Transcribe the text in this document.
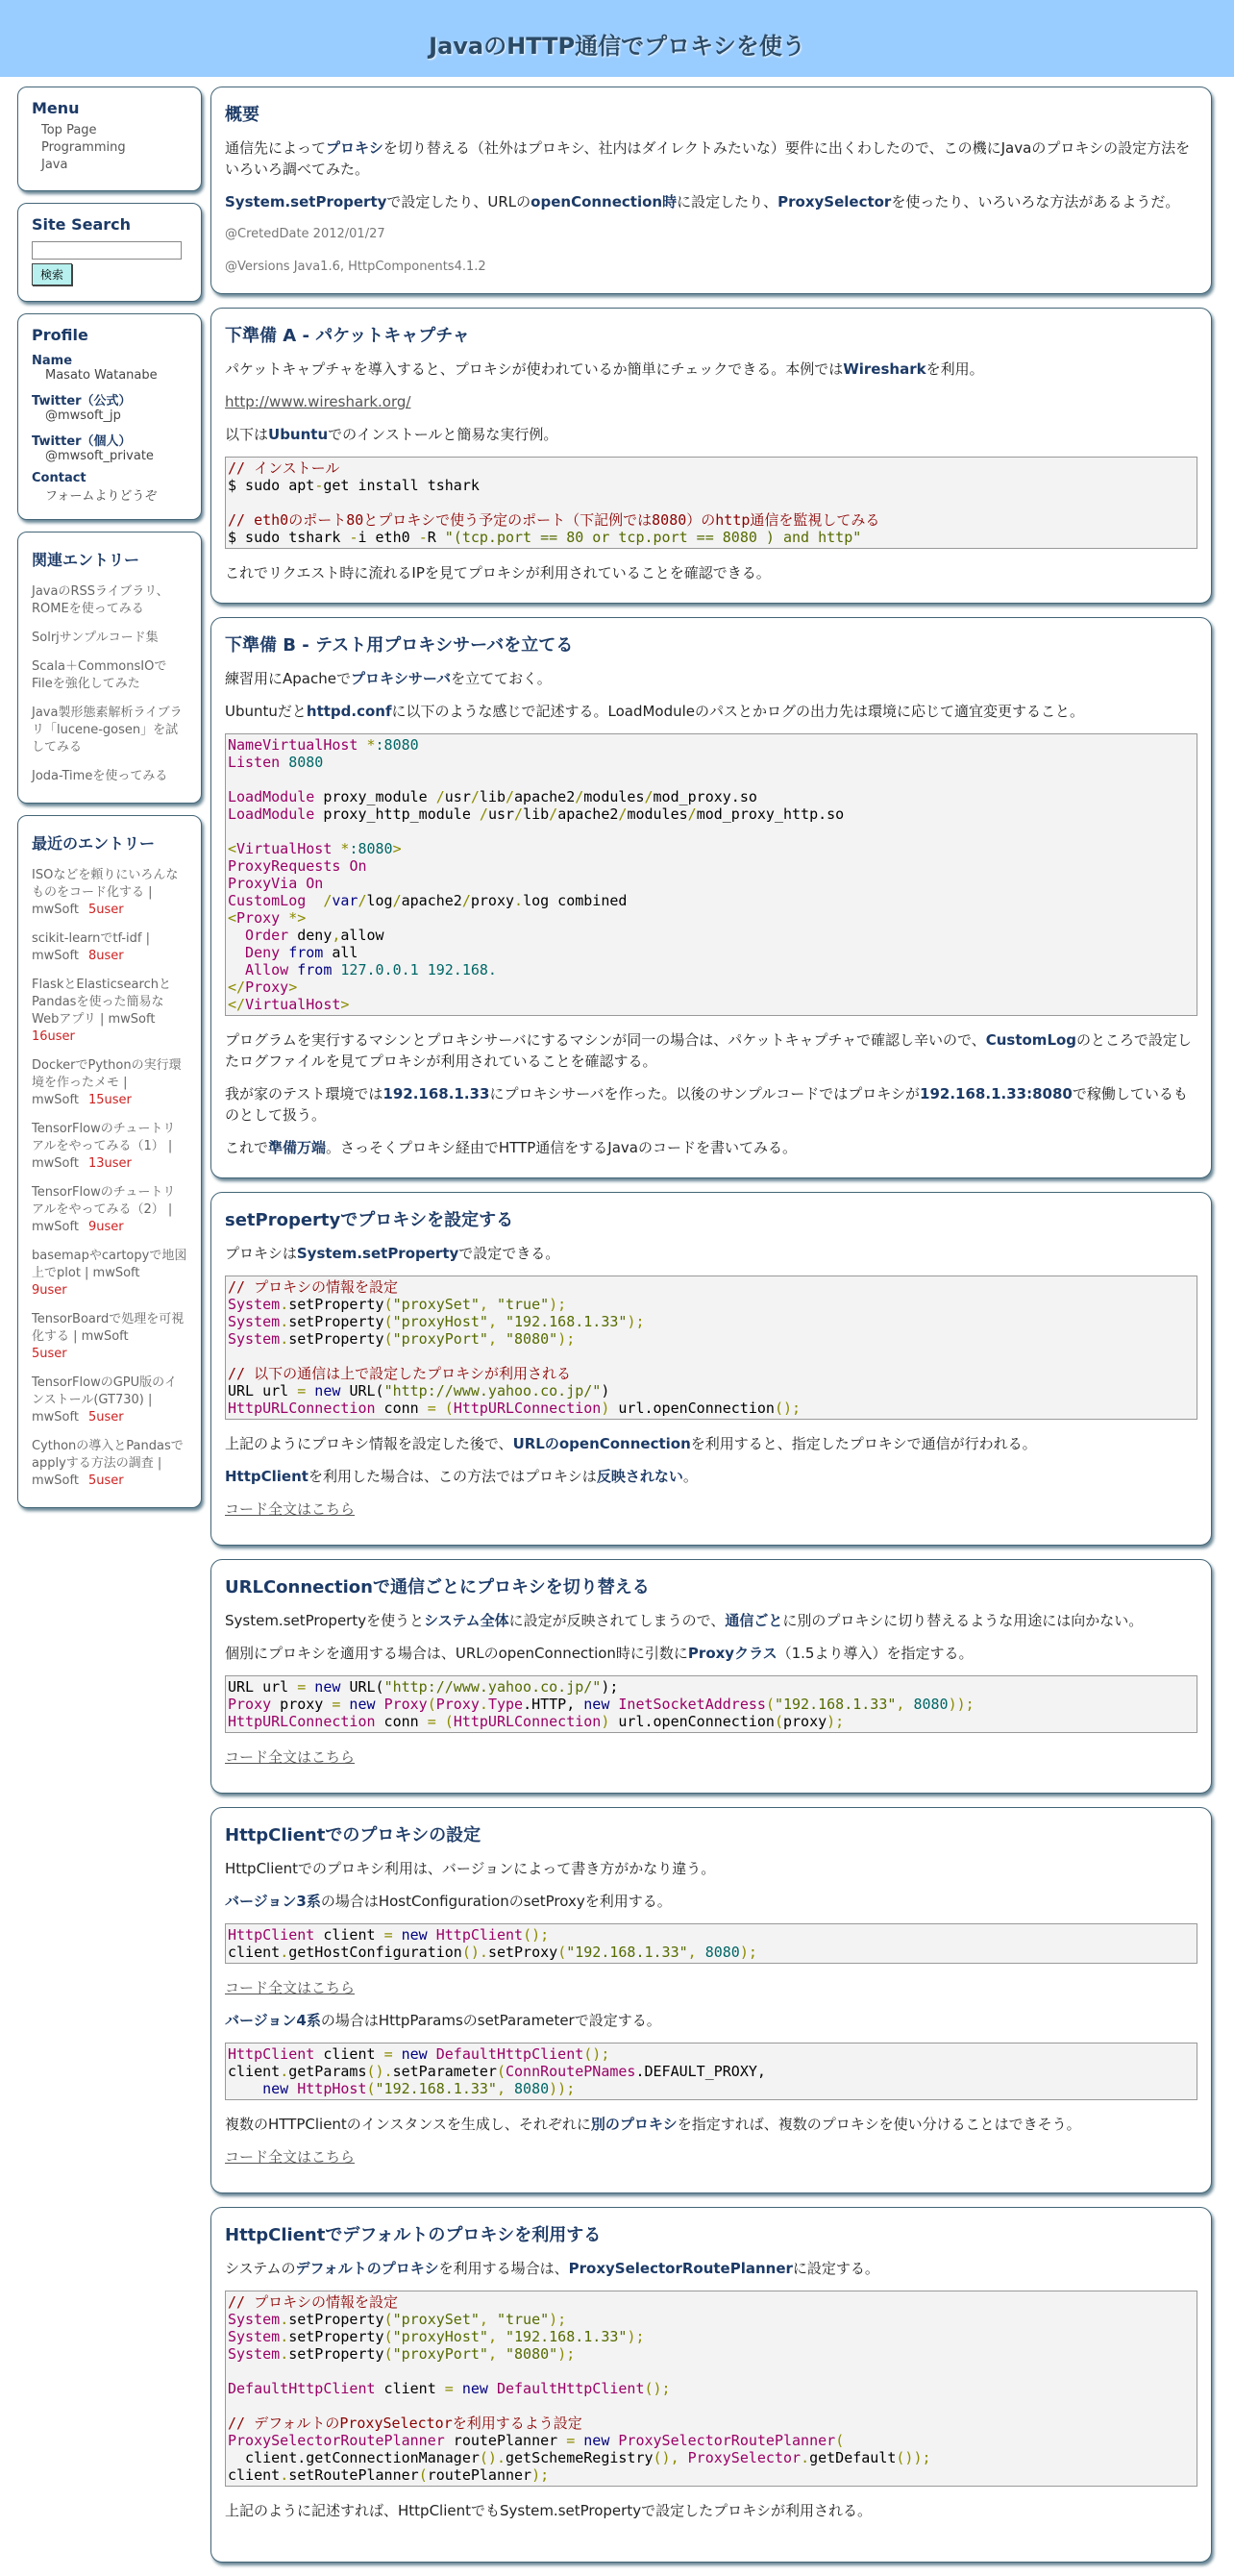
JavaのHTTP通信でプロキシを使う
Menu
Top Page
Programming
Java
Site Search

検索
Profile
Name
Masato Watanabe
Twitter（公式）
@mwsoft_jp
Twitter（個人）
@mwsoft_private
Contact
フォームよりどうぞ
関連エントリー
JavaのRSSライブラリ、ROMEを使ってみる
Solrjサンプルコード集
Scala＋CommonsIOでFileを強化してみた
Java製形態素解析ライブラリ「lucene-gosen」を試してみる
Joda-Timeを使ってみる
最近のエントリー
ISOなどを頼りにいろんなものをコード化する | mwSoft 5user
scikit-learnでtf-idf | mwSoft 8user
FlaskとElasticsearchとPandasを使った簡易なWebアプリ | mwSoft
16user
DockerでPythonの実行環境を作ったメモ | mwSoft 15user
TensorFlowのチュートリアルをやってみる（1） | mwSoft 13user
TensorFlowのチュートリアルをやってみる（2） | mwSoft 9user
basemapやcartopyで地図上でplot | mwSoft
9user
TensorBoardで処理を可視化する | mwSoft
5user
TensorFlowのGPU版のインストール(GT730) | mwSoft 5user
Cythonの導入とPandasでapplyする方法の調査 | mwSoft 5user
概要

通信先によってプロキシを切り替える（社外はプロキシ、社内はダイレクトみたいな）要件に出くわしたので、この機にJavaのプロキシの設定方法をいろいろ調べてみた。

System.setPropertyで設定したり、URLのopenConnection時に設定したり、ProxySelectorを使ったり、いろいろな方法があるようだ。

@CretedDate 2012/01/27

@Versions Java1.6, HttpComponents4.1.2

下準備 A - パケットキャプチャ

パケットキャプチャを導入すると、プロキシが使われているか簡単にチェックできる。本例ではWiresharkを利用。

http://www.wireshark.org/

以下はUbuntuでのインストールと簡易な実行例。

// インストール
$ sudo apt-get install tshark

// eth0のポート80とプロキシで使う予定のポート（下記例では8080）のhttp通信を監視してみる
$ sudo tshark -i eth0 -R "(tcp.port == 80 or tcp.port == 8080 ) and http"

これでリクエスト時に流れるIPを見てプロキシが利用されていることを確認できる。

下準備 B - テスト用プロキシサーバを立てる

練習用にApacheでプロキシサーバを立てておく。

Ubuntuだとhttpd.confに以下のような感じで記述する。LoadModuleのパスとかログの出力先は環境に応じて適宜変更すること。

NameVirtualHost *:8080
Listen 8080

LoadModule proxy_module /usr/lib/apache2/modules/mod_proxy.so
LoadModule proxy_http_module /usr/lib/apache2/modules/mod_proxy_http.so

<VirtualHost *:8080>
ProxyRequests On
ProxyVia On
CustomLog  /var/log/apache2/proxy.log combined
<Proxy *>
Order deny,allow
Deny from all
Allow from 127.0.0.1 192.168.
</Proxy>
</VirtualHost>

プログラムを実行するマシンとプロキシサーバにするマシンが同一の場合は、パケットキャプチャで確認し辛いので、CustomLogのところで設定したログファイルを見てプロキシが利用されていることを確認する。

我が家のテスト環境では192.168.1.33にプロキシサーバを作った。以後のサンプルコードではプロキシが192.168.1.33:8080で稼働しているものとして扱う。

これで準備万端。さっそくプロキシ経由でHTTP通信をするJavaのコードを書いてみる。

setPropertyでプロキシを設定する

プロキシはSystem.setPropertyで設定できる。

// プロキシの情報を設定
System.setProperty("proxySet", "true");
System.setProperty("proxyHost", "192.168.1.33");
System.setProperty("proxyPort", "8080");

// 以下の通信は上で設定したプロキシが利用される
URL url = new URL("http://www.yahoo.co.jp/")
HttpURLConnection conn = (HttpURLConnection) url.openConnection();

上記のようにプロキシ情報を設定した後で、URLのopenConnectionを利用すると、指定したプロキシで通信が行われる。

HttpClientを利用した場合は、この方法ではプロキシは反映されない。

コード全文はこちら

URLConnectionで通信ごとにプロキシを切り替える

System.setPropertyを使うとシステム全体に設定が反映されてしまうので、通信ごとに別のプロキシに切り替えるような用途には向かない。

個別にプロキシを適用する場合は、URLのopenConnection時に引数にProxyクラス（1.5より導入）を指定する。

URL url = new URL("http://www.yahoo.co.jp/");
Proxy proxy = new Proxy(Proxy.Type.HTTP, new InetSocketAddress("192.168.1.33", 8080));
HttpURLConnection conn = (HttpURLConnection) url.openConnection(proxy);

コード全文はこちら

HttpClientでのプロキシの設定

HttpClientでのプロキシ利用は、バージョンによって書き方がかなり違う。

バージョン3系の場合はHostConfigurationのsetProxyを利用する。

HttpClient client = new HttpClient();
client.getHostConfiguration().setProxy("192.168.1.33", 8080);

コード全文はこちら

バージョン4系の場合はHttpParamsのsetParameterで設定する。

HttpClient client = new DefaultHttpClient();
client.getParams().setParameter(ConnRoutePNames.DEFAULT_PROXY,
new HttpHost("192.168.1.33", 8080));

複数のHTTPClientのインスタンスを生成し、それぞれに別のプロキシを指定すれば、複数のプロキシを使い分けることはできそう。

コード全文はこちら

HttpClientでデフォルトのプロキシを利用する

システムのデフォルトのプロキシを利用する場合は、ProxySelectorRoutePlannerに設定する。

// プロキシの情報を設定
System.setProperty("proxySet", "true");
System.setProperty("proxyHost", "192.168.1.33");
System.setProperty("proxyPort", "8080");

DefaultHttpClient client = new DefaultHttpClient();

// デフォルトのProxySelectorを利用するよう設定
ProxySelectorRoutePlanner routePlanner = new ProxySelectorRoutePlanner(
client.getConnectionManager().getSchemeRegistry(), ProxySelector.getDefault());
client.setRoutePlanner(routePlanner);

上記のように記述すれば、HttpClientでもSystem.setPropertyで設定したプロキシが利用される。
